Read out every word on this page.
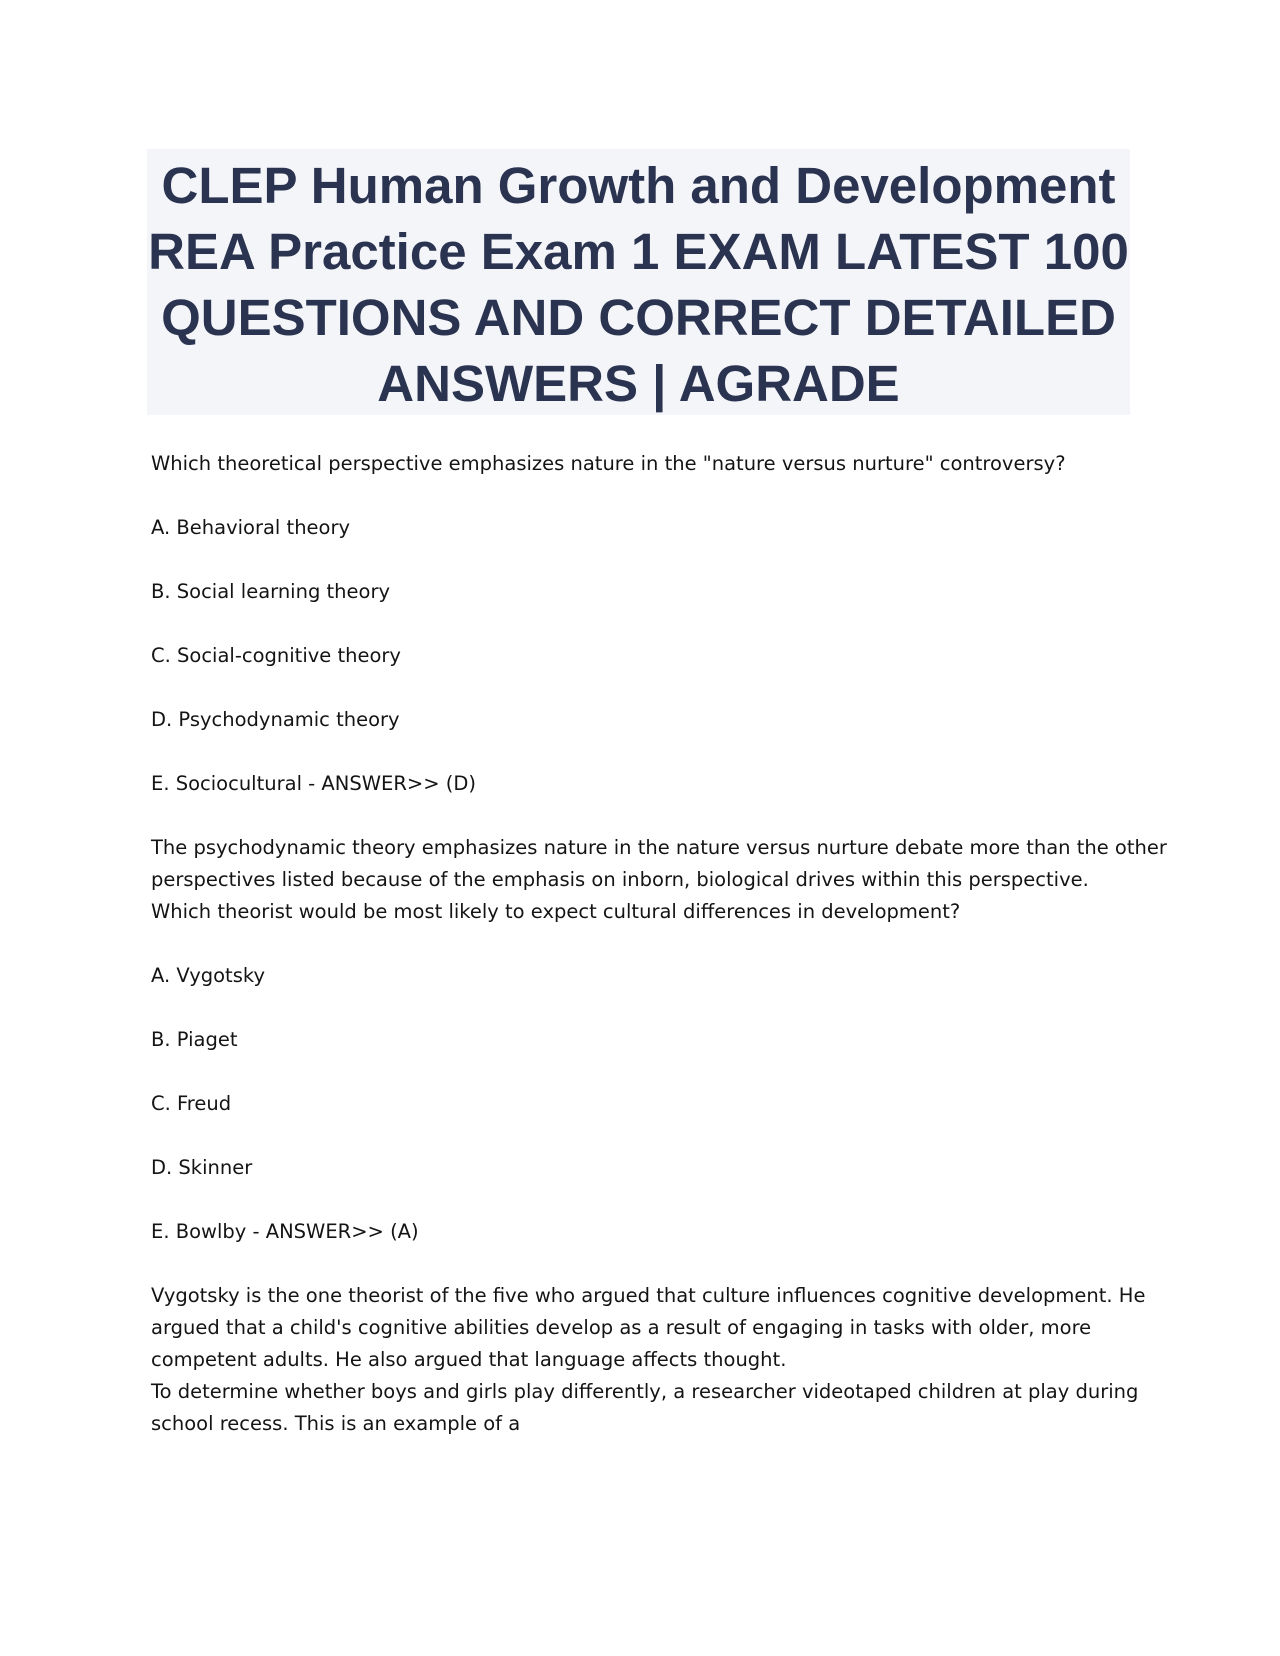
CLEP Human Growth and Development
REA Practice Exam 1 EXAM LATEST 100
QUESTIONS AND CORRECT DETAILED
ANSWERS | AGRADE
Which theoretical perspective emphasizes nature in the "nature versus nurture" controversy?
A. Behavioral theory
B. Social learning theory
C. Social-cognitive theory
D. Psychodynamic theory
E. Sociocultural - ANSWER>> (D)
The psychodynamic theory emphasizes nature in the nature versus nurture debate more than the other
perspectives listed because of the emphasis on inborn, biological drives within this perspective.
Which theorist would be most likely to expect cultural differences in development?
A. Vygotsky
B. Piaget
C. Freud
D. Skinner
E. Bowlby - ANSWER>> (A)
Vygotsky is the one theorist of the five who argued that culture influences cognitive development. He
argued that a child's cognitive abilities develop as a result of engaging in tasks with older, more
competent adults. He also argued that language affects thought.
To determine whether boys and girls play differently, a researcher videotaped children at play during
school recess. This is an example of a
